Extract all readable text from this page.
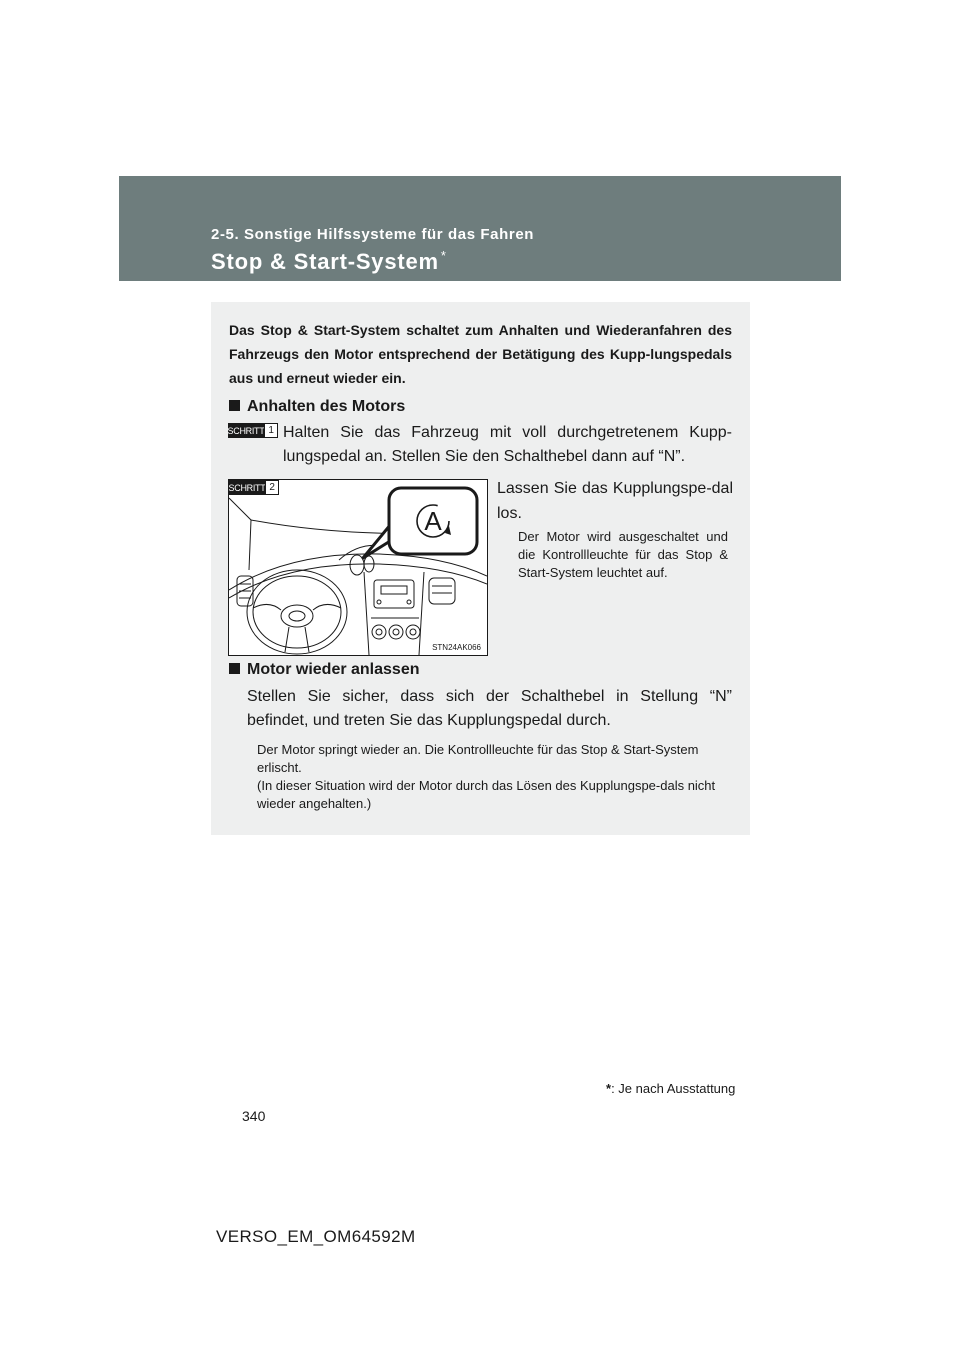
2-5. Sonstige Hilfssysteme für das Fahren
Stop & Start-System *
Das Stop & Start-System schaltet zum Anhalten und Wiederanfahren des Fahrzeugs den Motor entsprechend der Betätigung des Kupp-lungspedals aus und erneut wieder ein.
Anhalten des Motors
SCHRITT 1 Halten Sie das Fahrzeug mit voll durchgetretenem Kupp-lungspedal an. Stellen Sie den Schalthebel dann auf “N”.
A
SCHRITT 2
STN24AK066
Lassen Sie das Kupplungspe-dal los.
Der Motor wird ausgeschaltet und die Kontrollleuchte für das Stop & Start-System leuchtet auf.
Motor wieder anlassen
Stellen Sie sicher, dass sich der Schalthebel in Stellung “N” befindet, und treten Sie das Kupplungspedal durch.
Der Motor springt wieder an. Die Kontrollleuchte für das Stop & Start-System erlischt.
(In dieser Situation wird der Motor durch das Lösen des Kupplungspe-dals nicht wieder angehalten.)
*: Je nach Ausstattung
340
VERSO_EM_OM64592M
